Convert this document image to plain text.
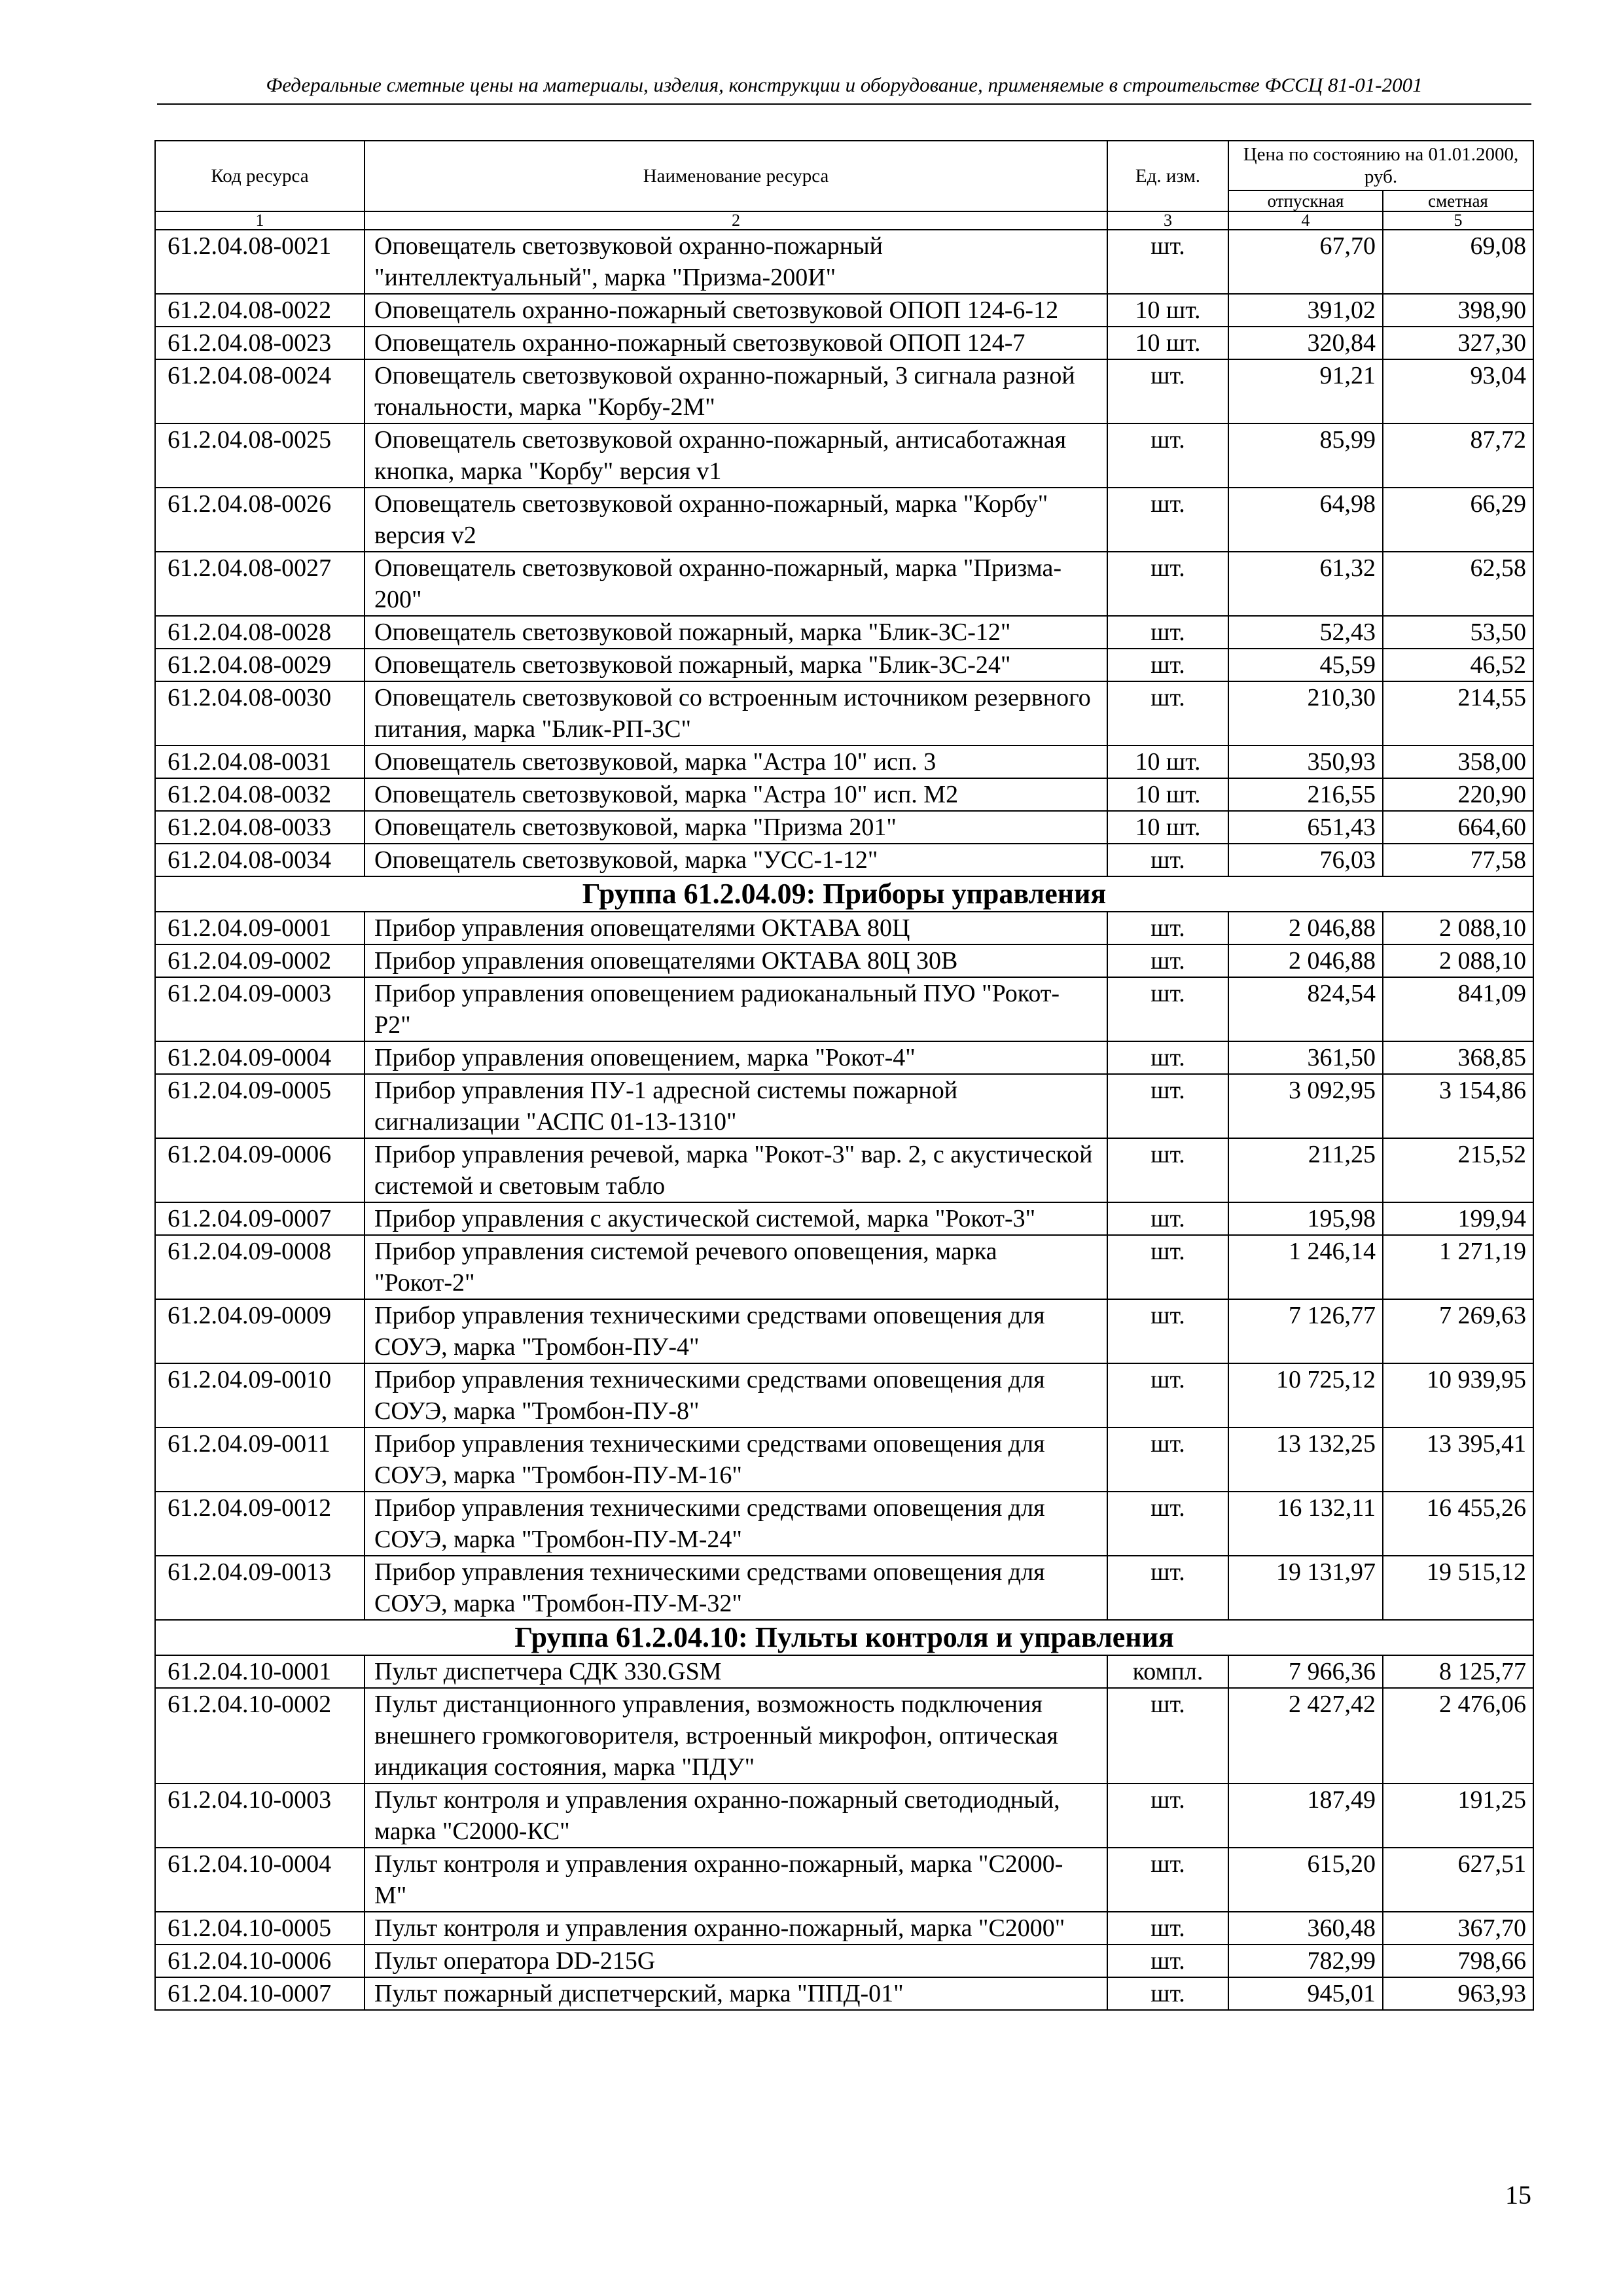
Федеральные сметные цены на материалы, изделия, конструкции и оборудование, применяемые в строительстве ФССЦ 81-01-2001
Код ресурса	Наименование ресурса	Ед. изм.	Цена по состоянию на 01.01.2000, руб.	
			отпускная	сметная
1	2	3	4	5
61.2.04.08-0021	Оповещатель светозвуковой охранно-пожарный "интеллектуальный", марка "Призма-200И"	шт.	67,70	69,08
61.2.04.08-0022	Оповещатель охранно-пожарный светозвуковой ОПОП 124-6-12	10 шт.	391,02	398,90
61.2.04.08-0023	Оповещатель охранно-пожарный светозвуковой ОПОП 124-7	10 шт.	320,84	327,30
61.2.04.08-0024	Оповещатель светозвуковой охранно-пожарный, 3 сигнала разной тональности, марка "Корбу-2М"	шт.	91,21	93,04
61.2.04.08-0025	Оповещатель светозвуковой охранно-пожарный, антисаботажная кнопка, марка "Корбу" версия v1	шт.	85,99	87,72
61.2.04.08-0026	Оповещатель светозвуковой охранно-пожарный, марка "Корбу" версия v2	шт.	64,98	66,29
61.2.04.08-0027	Оповещатель светозвуковой охранно-пожарный, марка "Призма- 200"	шт.	61,32	62,58
61.2.04.08-0028	Оповещатель светозвуковой пожарный, марка "Блик-3С-12"	шт.	52,43	53,50
61.2.04.08-0029	Оповещатель светозвуковой пожарный, марка "Блик-3С-24"	шт.	45,59	46,52
61.2.04.08-0030	Оповещатель светозвуковой со встроенным источником резервного питания, марка "Блик-РП-3С"	шт.	210,30	214,55
61.2.04.08-0031	Оповещатель светозвуковой, марка "Астра 10" исп. 3	10 шт.	350,93	358,00
61.2.04.08-0032	Оповещатель светозвуковой, марка "Астра 10" исп. М2	10 шт.	216,55	220,90
61.2.04.08-0033	Оповещатель светозвуковой, марка "Призма 201"	10 шт.	651,43	664,60
61.2.04.08-0034	Оповещатель светозвуковой, марка "УСС-1-12"	шт.	76,03	77,58
Группа 61.2.04.09: Приборы управления				
61.2.04.09-0001	Прибор управления оповещателями ОКТАВА 80Ц	шт.	2 046,88	2 088,10
61.2.04.09-0002	Прибор управления оповещателями ОКТАВА 80Ц 30В	шт.	2 046,88	2 088,10
61.2.04.09-0003	Прибор управления оповещением радиоканальный ПУО "Рокот- Р2"	шт.	824,54	841,09
61.2.04.09-0004	Прибор управления оповещением, марка "Рокот-4"	шт.	361,50	368,85
61.2.04.09-0005	Прибор управления ПУ-1 адресной системы пожарной сигнализации "АСПС 01-13-1310"	шт.	3 092,95	3 154,86
61.2.04.09-0006	Прибор управления речевой, марка "Рокот-3" вар. 2, с акустической системой и световым табло	шт.	211,25	215,52
61.2.04.09-0007	Прибор управления с акустической системой, марка "Рокот-3"	шт.	195,98	199,94
61.2.04.09-0008	Прибор управления системой речевого оповещения, марка "Рокот-2"	шт.	1 246,14	1 271,19
61.2.04.09-0009	Прибор управления техническими средствами оповещения для СОУЭ, марка "Тромбон-ПУ-4"	шт.	7 126,77	7 269,63
61.2.04.09-0010	Прибор управления техническими средствами оповещения для СОУЭ, марка "Тромбон-ПУ-8"	шт.	10 725,12	10 939,95
61.2.04.09-0011	Прибор управления техническими средствами оповещения для СОУЭ, марка "Тромбон-ПУ-М-16"	шт.	13 132,25	13 395,41
61.2.04.09-0012	Прибор управления техническими средствами оповещения для СОУЭ, марка "Тромбон-ПУ-М-24"	шт.	16 132,11	16 455,26
61.2.04.09-0013	Прибор управления техническими средствами оповещения для СОУЭ, марка "Тромбон-ПУ-М-32"	шт.	19 131,97	19 515,12
Группа 61.2.04.10: Пульты контроля и управления				
61.2.04.10-0001	Пульт диспетчера СДК 330.GSM	компл.	7 966,36	8 125,77
61.2.04.10-0002	Пульт дистанционного управления, возможность подключения внешнего громкоговорителя, встроенный микрофон, оптическая индикация состояния, марка "ПДУ"	шт.	2 427,42	2 476,06
61.2.04.10-0003	Пульт контроля и управления охранно-пожарный светодиодный, марка "С2000-КС"	шт.	187,49	191,25
61.2.04.10-0004	Пульт контроля и управления охранно-пожарный, марка "С2000- М"	шт.	615,20	627,51
61.2.04.10-0005	Пульт контроля и управления охранно-пожарный, марка "С2000"	шт.	360,48	367,70
61.2.04.10-0006	Пульт оператора DD-215G	шт.	782,99	798,66
61.2.04.10-0007	Пульт пожарный диспетчерский, марка "ППД-01"	шт.	945,01	963,93
15
